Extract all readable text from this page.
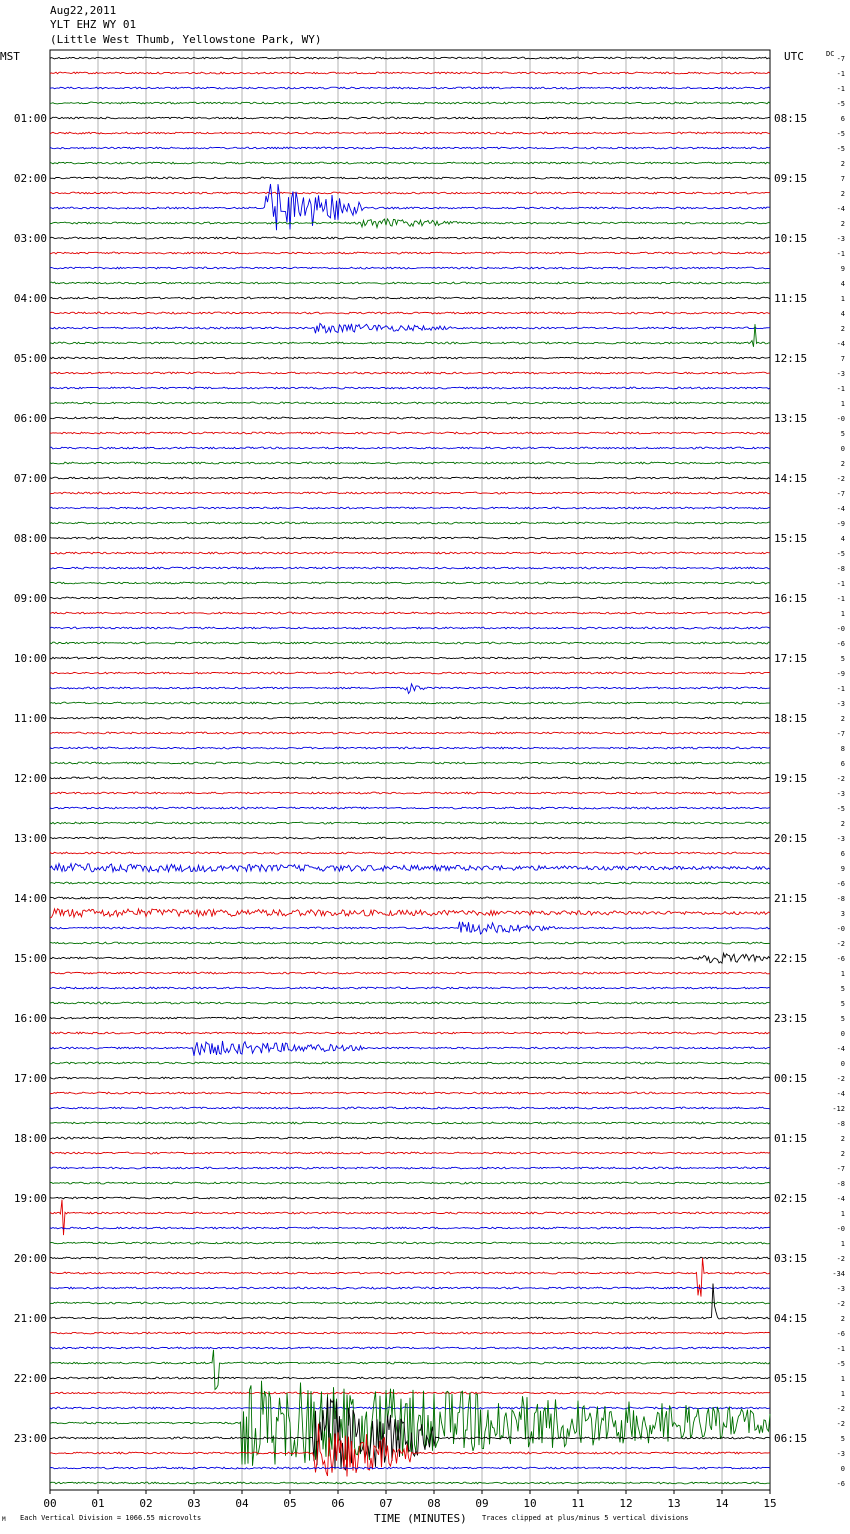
Aug22,2011
YLT EHZ WY 01
(Little West Thumb, Yellowstone Park, WY)
MST	UTC	DC
01:00
02:00
03:00
04:00
05:00
06:00
07:00
08:00
09:00
10:00
11:00
12:00
13:00
14:00
15:00
16:00
17:00
18:00
19:00
20:00
21:00
22:00
23:00
08:15
09:15
10:15
11:15
12:15
13:15
14:15
15:15
16:15
17:15
18:15
19:15
20:15
21:15
22:15
23:15
00:15
01:15
02:15
03:15
04:15
05:15
06:15
-7
-1
-1
-5
6
-5
-5
2
7
2
-4
2
-3
-1
9
4
1
4
2
-4
7
-3
-1
1
-0
5
0
2
-2
-7
-4
-9
4
-5
-8
-1
-1
1
-0
-6
5
-9
-1
-3
2
-7
8
6
-2
-3
-5
2
-3
6
9
-6
-8
3
-0
-2
-6
1
5
5
5
0
-4
0
-2
-4
-12
-8
2
2
-7
-8
-4
1
-0
1
-2
-34
-3
-2
2
-6
-1
-5
1
1
-2
-2
5
-3
0
-6
00	01	02	03	04	05	06	07	08	09	10	11	12	13	14	15
TIME (MINUTES)
Each Vertical Division = 1066.55 microvolts	Traces clipped at plus/minus 5 vertical divisions
M
